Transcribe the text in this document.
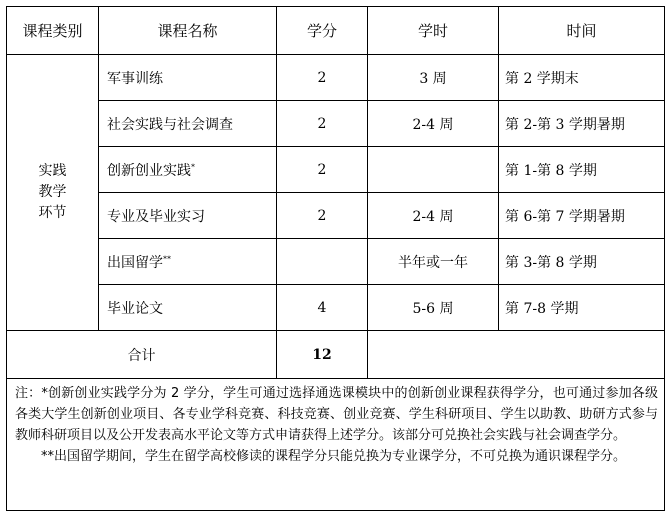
课程类别	课程名称	学分	学时	时间

实践
教学
环节	军事训练	2	3 周	第 2 学期末
	社会实践与社会调查	2	2-4 周	第 2-第 3 学期暑期
	创新创业实践*	2		第 1-第 8 学期
	专业及毕业实习	2	2-4 周	第 6-第 7 学期暑期
	出国留学**		半年或一年	第 3-第 8 学期
	毕业论文	4	5-6 周	第 7-8 学期
合计		12		

注：*创新创业实践学分为 2 学分，学生可通过选择通选课模块中的创新创业课程获得学分，也可通过参加各级各类大学生创新创业项目、各专业学科竞赛、科技竞赛、创业竞赛、学生科研项目、学生以助教、助研方式参与教师科研项目以及公开发表高水平论文等方式申请获得上述学分。该部分可兑换社会实践与社会调查学分。

**出国留学期间，学生在留学高校修读的课程学分只能兑换为专业课学分，不可兑换为通识课程学分。				
